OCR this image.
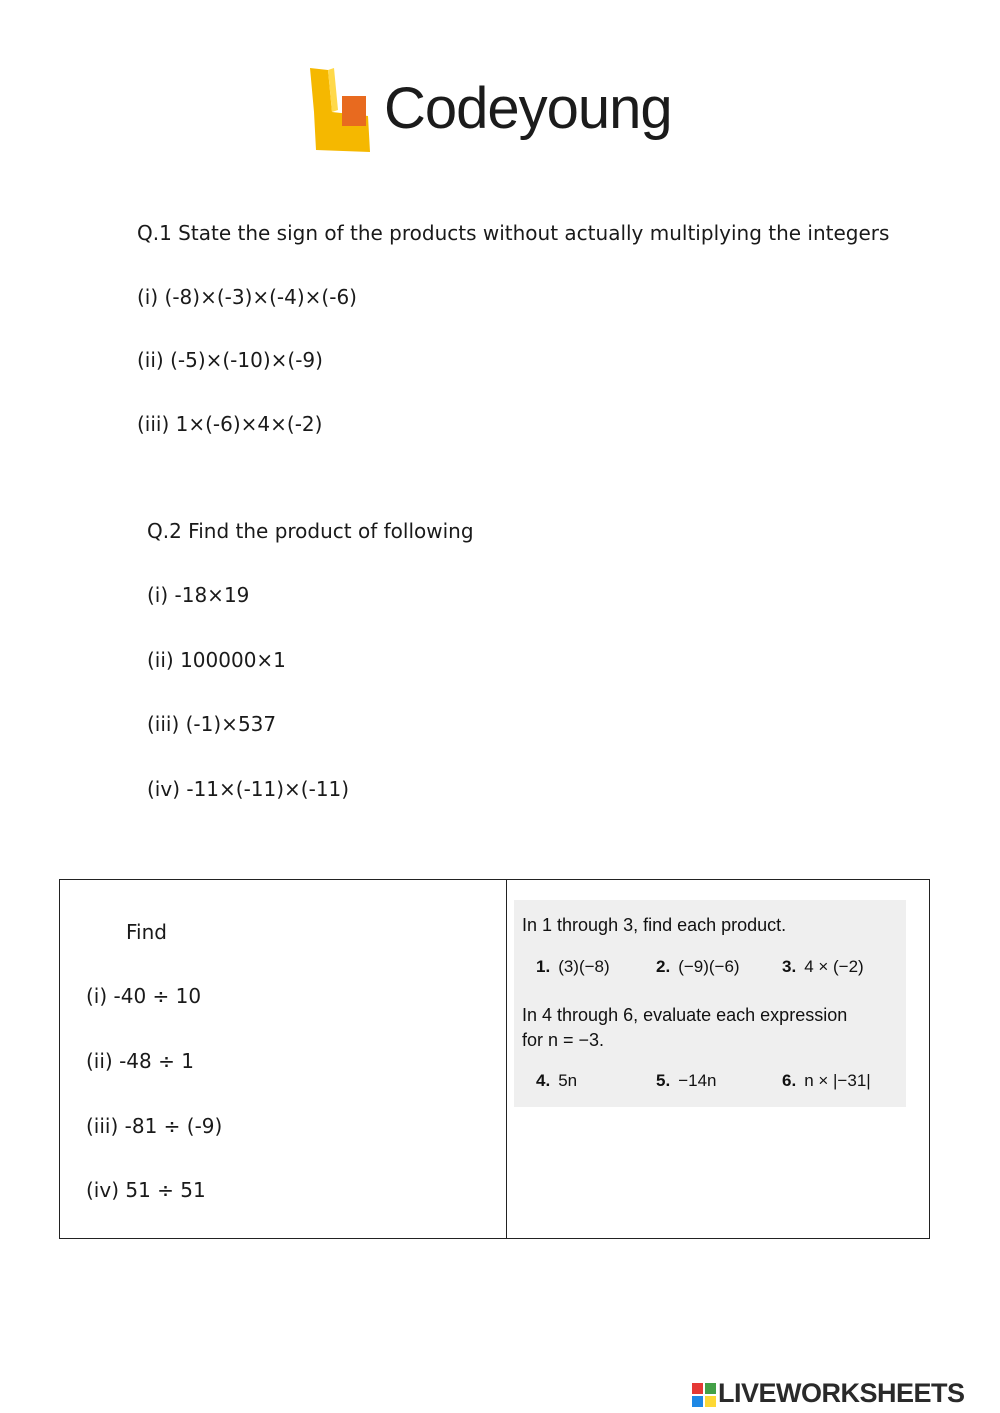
Codeyoung
Q.1 State the sign of the products without actually multiplying the integers
(i) (-8)×(-3)×(-4)×(-6)
(ii) (-5)×(-10)×(-9)
(iii) 1×(-6)×4×(-2)
Q.2 Find the product of following
(i) -18×19
(ii) 100000×1
(iii) (-1)×537
(iv) -11×(-11)×(-11)
Find
(i) -40 ÷ 10
(ii) -48 ÷ 1
(iii) -81 ÷ (-9)
(iv) 51 ÷ 51
In 1 through 3, find each product.
1. (3)(−8)	2. (−9)(−6) 3. 4 × (−2)
In 4 through 6, evaluate each expression
for n = −3.
4. 5n	5. −14n	6. n × |−31|
LIVEWORKSHEETS
